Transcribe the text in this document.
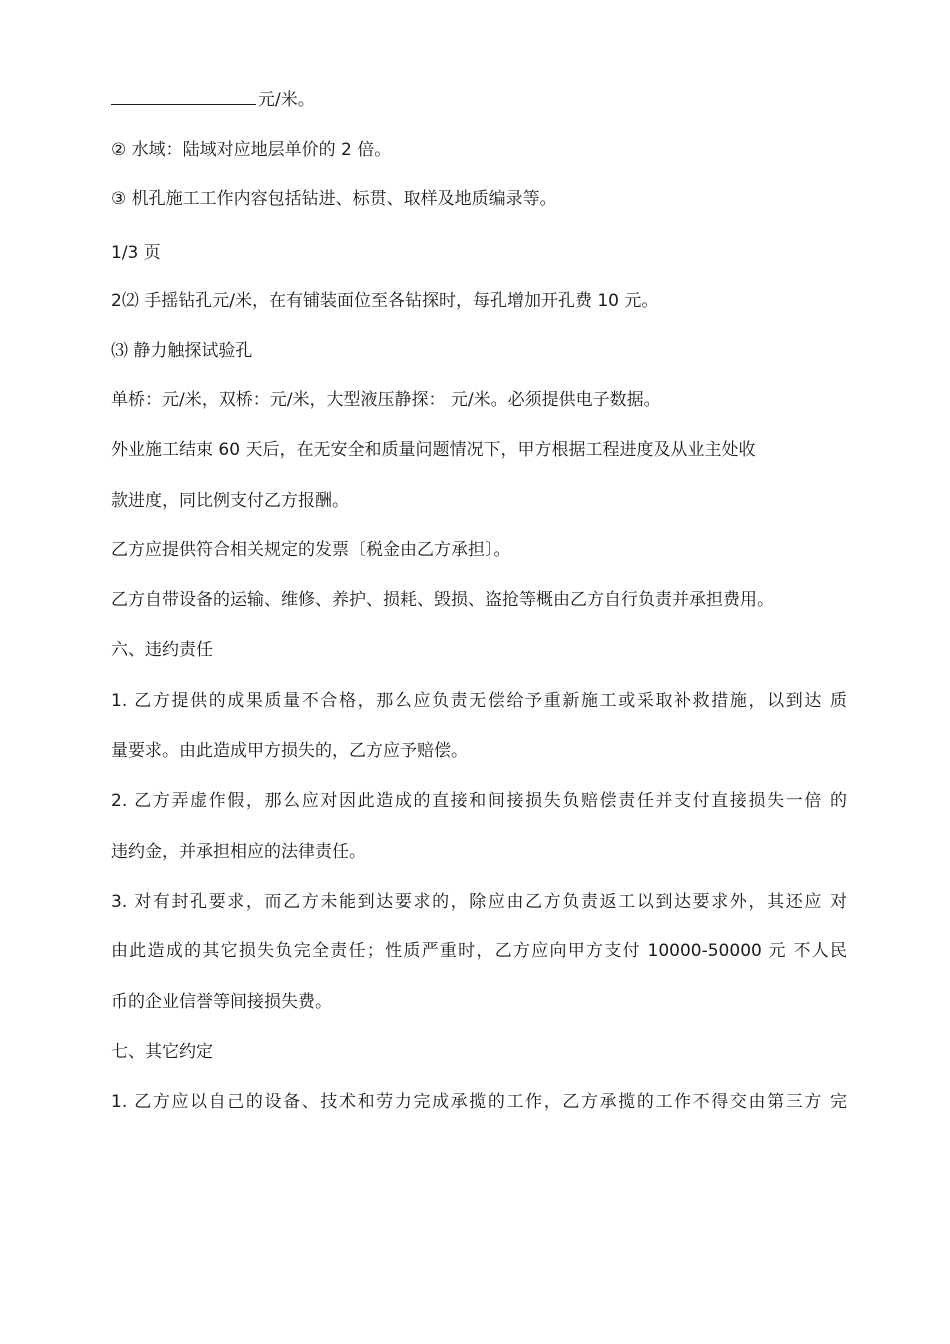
元/米。
② 水域：陆域对应地层单价的 2 倍。
③ 机孔施工工作内容包括钻进、标贯、取样及地质编录等。
1/3 页
2⑵ 手摇钻孔元/米，在有铺装面位至各钻探时，每孔增加开孔费 10 元。
⑶ 静力触探试验孔
单桥：元/米，双桥：元/米，大型液压静探： 元/米。必须提供电子数据。
外业施工结束 60 天后，在无安全和质量问题情况下，甲方根据工程进度及从业主处收
款进度，同比例支付乙方报酬。
乙方应提供符合相关规定的发票〔税金由乙方承担〕。
乙方自带设备的运输、维修、养护、损耗、毁损、盗抢等概由乙方自行负责并承担费用。
六、违约责任
1. 乙方提供的成果质量不合格，那么应负责无偿给予重新施工或采取补救措施，以到达 质
量要求。由此造成甲方损失的，乙方应予赔偿。
2. 乙方弄虚作假，那么应对因此造成的直接和间接损失负赔偿责任并支付直接损失一倍 的
违约金，并承担相应的法律责任。
3. 对有封孔要求，而乙方未能到达要求的，除应由乙方负责返工以到达要求外，其还应 对
由此造成的其它损失负完全责任；性质严重时，乙方应向甲方支付 10000-50000 元 不人民
币的企业信誉等间接损失费。
七、其它约定
1. 乙方应以自己的设备、技术和劳力完成承揽的工作，乙方承揽的工作不得交由第三方 完
